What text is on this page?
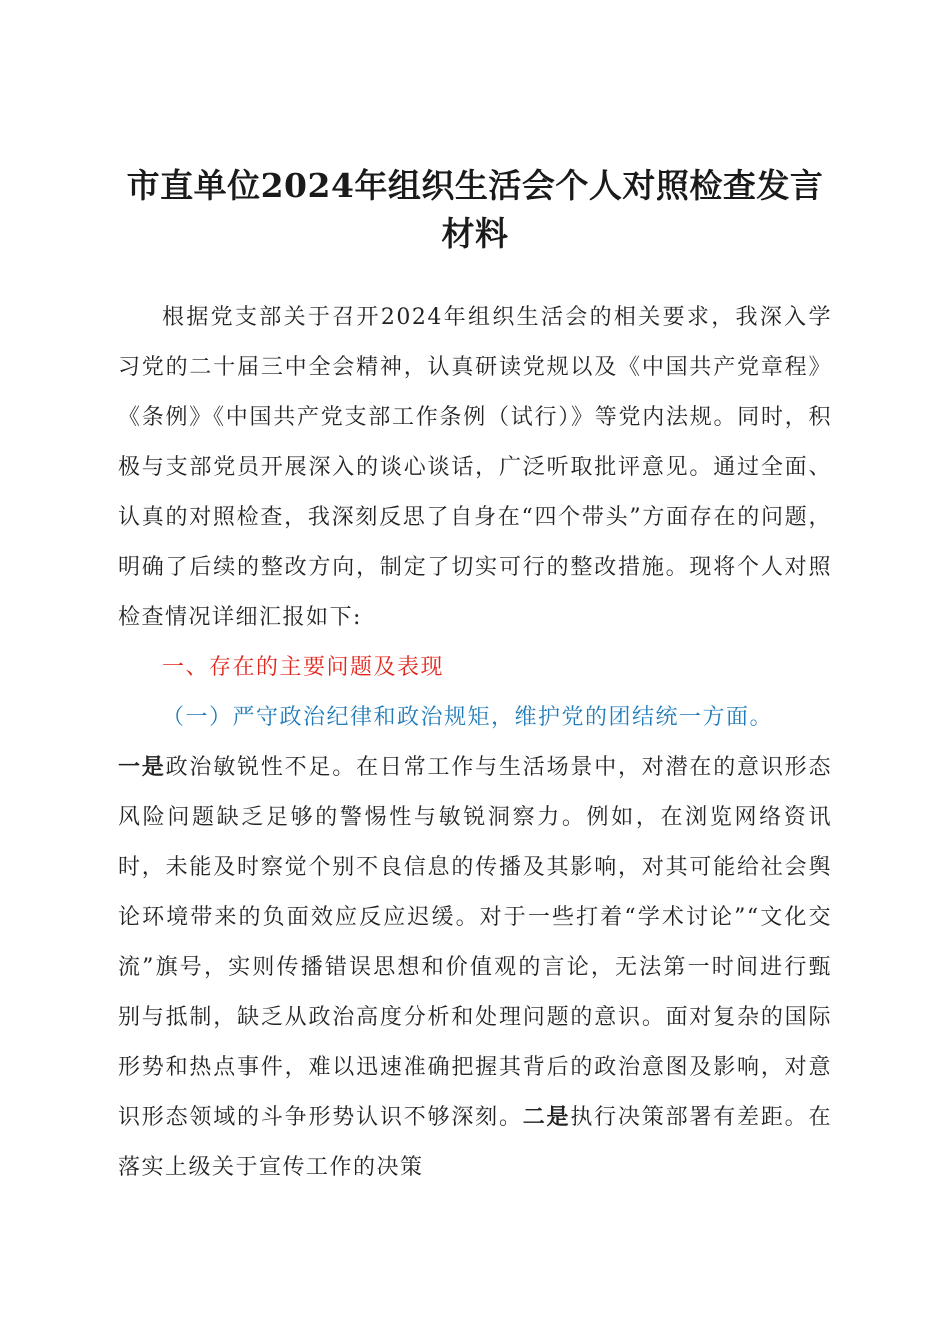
市直单位2024年组织生活会个人对照检查发言材料

根据党支部关于召开2024年组织生活会的相关要求，我深入学习党的二十届三中全会精神，认真研读党规以及《中国共产党章程》《条例》《中国共产党支部工作条例（试行）》等党内法规。同时，积极与支部党员开展深入的谈心谈话，广泛听取批评意见。通过全面、认真的对照检查，我深刻反思了自身在“四个带头”方面存在的问题，明确了后续的整改方向，制定了切实可行的整改措施。现将个人对照检查情况详细汇报如下:

一、存在的主要问题及表现

（一）严守政治纪律和政治规矩，维护党的团结统一方面。

一是政治敏锐性不足。在日常工作与生活场景中，对潜在的意识形态风险问题缺乏足够的警惕性与敏锐洞察力。例如，在浏览网络资讯时，未能及时察觉个别不良信息的传播及其影响，对其可能给社会舆论环境带来的负面效应反应迟缓。对于一些打着“学术讨论”“文化交流”旗号，实则传播错误思想和价值观的言论，无法第一时间进行甄别与抵制，缺乏从政治高度分析和处理问题的意识。面对复杂的国际形势和热点事件，难以迅速准确把握其背后的政治意图及影响，对意识形态领域的斗争形势认识不够深刻。二是执行决策部署有差距。在落实上级关于宣传工作的决策
